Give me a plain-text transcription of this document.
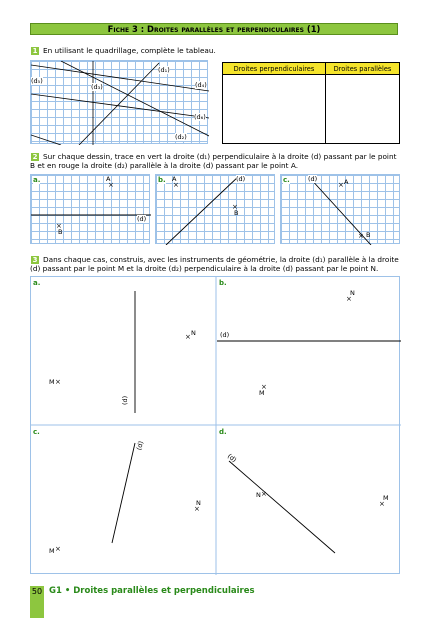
Fiche 3 : Droites parallèles et perpendiculaires (1)
1 En utilisant le quadrillage, complète le tableau.
(d₁)
(d₂)
(d₃)	(d₄)
(d₅)
(d₆)
Droites perpendiculaires	Droites parallèles

2 Sur chaque dessin, trace en vert la droite (d₁) perpendiculaire à la droite (d) passant par le point B et en rouge la droite (d₂) parallèle à la droite (d) passant par le point A.
×
×
a.	A
B
(d)
×
×
b. A
B
(d)
×
×
c.	A
B
(d)
3 Dans chaque cas, construis, avec les instruments de géométrie, la droite (d₁) parallèle à la droite (d) passant par le point M et la droite (d₂) perpendiculaire à la droite (d) passant par le point N.
×
×
×
×
×
×
×
×
a.
N
M
(d)
b.
N
M
(d)
c.
N
M
(d)
d.
N	M
(d)
50 G1 • Droites parallèles et perpendiculaires
